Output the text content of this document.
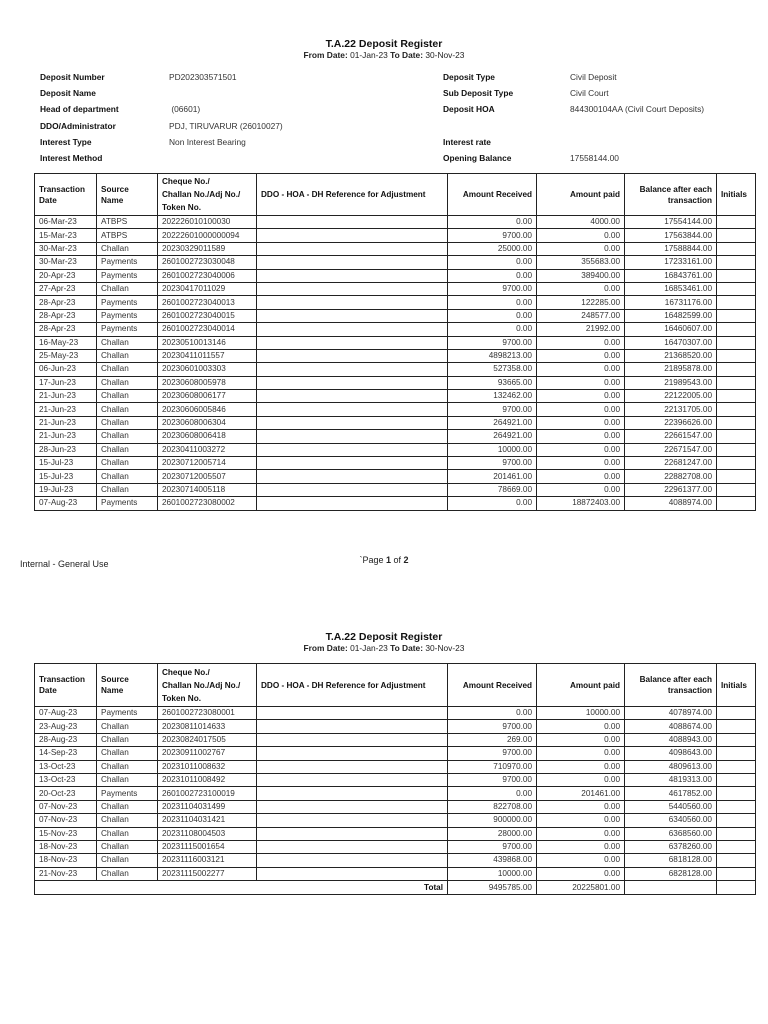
T.A.22 Deposit Register
From Date: 01-Jan-23 To Date: 30-Nov-23
Deposit Number	PD202303571501
Deposit Name
Head of department	(06601)
DDO/Administrator	PDJ, TIRUVARUR (26010027)
Interest Type	Non Interest Bearing
Interest Method
Deposit Type	Civil Deposit
Sub Deposit Type	Civil Court
Deposit HOA	844300104AA (Civil Court Deposits)
Interest rate
Opening Balance	17558144.00
Transaction Date	Source Name	Cheque No./
Challan No./Adj No./
Token No.	DDO - HOA - DH Reference for Adjustment	Amount Received	Amount paid	Balance after each
transaction	Initials
06-Mar-23	ATBPS	202226010100030		0.00	4000.00	17554144.00	
15-Mar-23	ATBPS	20222601000000094		9700.00	0.00	17563844.00	
30-Mar-23	Challan	20230329011589		25000.00	0.00	17588844.00	
30-Mar-23	Payments	2601002723030048		0.00	355683.00	17233161.00	
20-Apr-23	Payments	2601002723040006		0.00	389400.00	16843761.00	
27-Apr-23	Challan	20230417011029		9700.00	0.00	16853461.00	
28-Apr-23	Payments	2601002723040013		0.00	122285.00	16731176.00	
28-Apr-23	Payments	2601002723040015		0.00	248577.00	16482599.00	
28-Apr-23	Payments	2601002723040014		0.00	21992.00	16460607.00	
16-May-23	Challan	20230510013146		9700.00	0.00	16470307.00	
25-May-23	Challan	20230411011557		4898213.00	0.00	21368520.00	
06-Jun-23	Challan	20230601003303		527358.00	0.00	21895878.00	
17-Jun-23	Challan	20230608005978		93665.00	0.00	21989543.00	
21-Jun-23	Challan	20230608006177		132462.00	0.00	22122005.00	
21-Jun-23	Challan	20230606005846		9700.00	0.00	22131705.00	
21-Jun-23	Challan	20230608006304		264921.00	0.00	22396626.00	
21-Jun-23	Challan	20230608006418		264921.00	0.00	22661547.00	
28-Jun-23	Challan	20230411003272		10000.00	0.00	22671547.00	
15-Jul-23	Challan	20230712005714		9700.00	0.00	22681247.00	
15-Jul-23	Challan	20230712005507		201461.00	0.00	22882708.00	
19-Jul-23	Challan	20230714005118		78669.00	0.00	22961377.00	
07-Aug-23	Payments	2601002723080002		0.00	18872403.00	4088974.00	
Internal - General Use	`Page 1 of 2
T.A.22 Deposit Register
From Date: 01-Jan-23 To Date: 30-Nov-23
Transaction Date	Source Name	Cheque No./
Challan No./Adj No./
Token No.	DDO - HOA - DH Reference for Adjustment	Amount Received	Amount paid	Balance after each
transaction	Initials
07-Aug-23	Payments	2601002723080001		0.00	10000.00	4078974.00	
23-Aug-23	Challan	20230811014633		9700.00	0.00	4088674.00	
28-Aug-23	Challan	20230824017505		269.00	0.00	4088943.00	
14-Sep-23	Challan	20230911002767		9700.00	0.00	4098643.00	
13-Oct-23	Challan	20231011008632		710970.00	0.00	4809613.00	
13-Oct-23	Challan	20231011008492		9700.00	0.00	4819313.00	
20-Oct-23	Payments	2601002723100019		0.00	201461.00	4617852.00	
07-Nov-23	Challan	20231104031499		822708.00	0.00	5440560.00	
07-Nov-23	Challan	20231104031421		900000.00	0.00	6340560.00	
15-Nov-23	Challan	20231108004503		28000.00	0.00	6368560.00	
18-Nov-23	Challan	20231115001654		9700.00	0.00	6378260.00	
18-Nov-23	Challan	20231116003121		439868.00	0.00	6818128.00	
21-Nov-23	Challan	20231115002277		10000.00	0.00	6828128.00	
Total				9495785.00	20225801.00		
